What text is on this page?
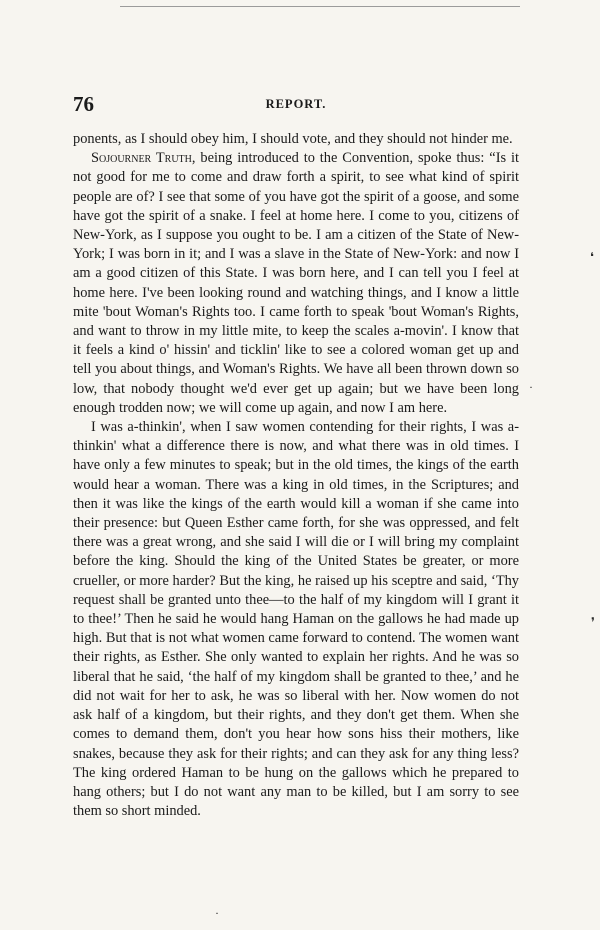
76	REPORT.

ponents, as I should obey him, I should vote, and they should not hinder me.

Sojourner Truth, being introduced to the Convention, spoke thus: “Is it not good for me to come and draw forth a spirit, to see what kind of spirit people are of? I see that some of you have got the spirit of a goose, and some have got the spirit of a snake. I feel at home here. I come to you, citizens of New-York, as I suppose you ought to be. I am a citizen of the State of New-York; I was born in it; and I was a slave in the State of New-York: and now I am a good citizen of this State. I was born here, and I can tell you I feel at home here. I've been looking round and watching things, and I know a little mite 'bout Woman's Rights too. I came forth to speak 'bout Woman's Rights, and want to throw in my little mite, to keep the scales a-movin'. I know that it feels a kind o' hissin' and ticklin' like to see a colored woman get up and tell you about things, and Woman's Rights. We have all been thrown down so low, that nobody thought we'd ever get up again; but we have been long enough trodden now; we will come up again, and now I am here.

I was a-thinkin', when I saw women contending for their rights, I was a-thinkin' what a difference there is now, and what there was in old times. I have only a few minutes to speak; but in the old times, the kings of the earth would hear a woman. There was a king in old times, in the Scriptures; and then it was like the kings of the earth would kill a woman if she came into their presence: but Queen Esther came forth, for she was oppressed, and felt there was a great wrong, and she said I will die or I will bring my complaint before the king. Should the king of the United States be greater, or more crueller, or more harder? But the king, he raised up his sceptre and said, ‘Thy request shall be granted unto thee—to the half of my kingdom will I grant it to thee!’ Then he said he would hang Haman on the gallows he had made up high. But that is not what women came forward to contend. The women want their rights, as Esther. She only wanted to explain her rights. And he was so liberal that he said, ‘the half of my kingdom shall be granted to thee,’ and he did not wait for her to ask, he was so liberal with her. Now women do not ask half of a kingdom, but their rights, and they don't get them. When she comes to demand them, don't you hear how sons hiss their mothers, like snakes, because they ask for their rights; and can they ask for any thing less? The king ordered Haman to be hung on the gallows which he prepared to hang others; but I do not want any man to be killed, but I am sorry to see them so short minded.

❛
·
❜
·
